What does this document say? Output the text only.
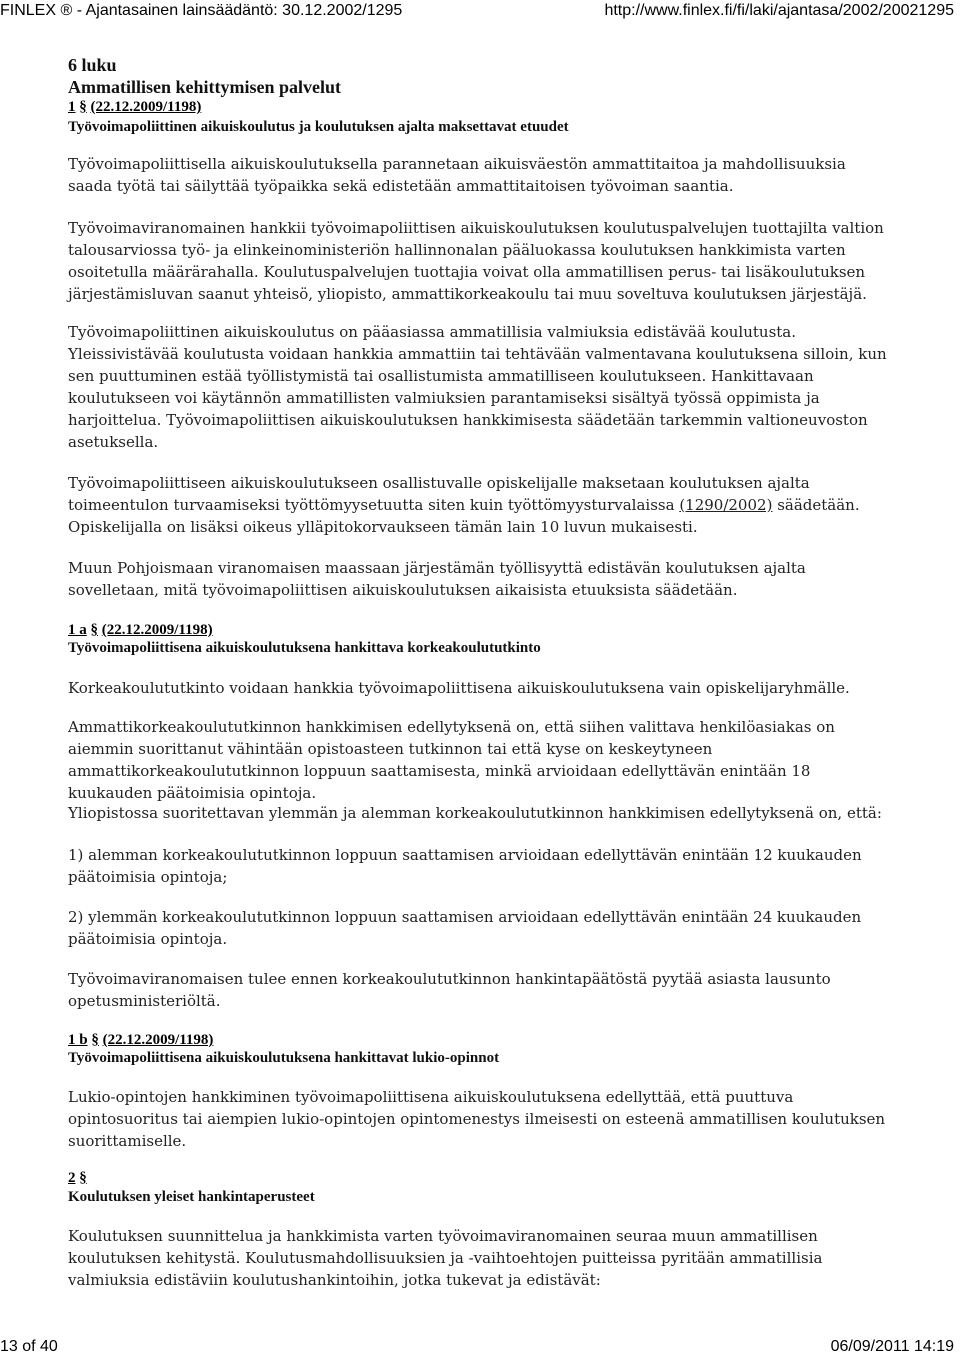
FINLEX ® - Ajantasainen lainsäädäntö: 30.12.2002/1295	http://www.finlex.fi/fi/laki/ajantasa/2002/20021295
6 luku
Ammatillisen kehittymisen palvelut
1 § (22.12.2009/1198)
Työvoimapoliittinen aikuiskoulutus ja koulutuksen ajalta maksettavat etuudet

Työvoimapoliittisella aikuiskoulutuksella parannetaan aikuisväestön ammattitaitoa ja mahdollisuuksia saada työtä tai säilyttää työpaikka sekä edistetään ammattitaitoisen työvoiman saantia.

Työvoimaviranomainen hankkii työvoimapoliittisen aikuiskoulutuksen koulutuspalvelujen tuottajilta valtion talousarviossa työ- ja elinkeinoministeriön hallinnonalan pääluokassa koulutuksen hankkimista varten osoitetulla määrärahalla. Koulutuspalvelujen tuottajia voivat olla ammatillisen perus- tai lisäkoulutuksen järjestämisluvan saanut yhteisö, yliopisto, ammattikorkeakoulu tai muu soveltuva koulutuksen järjestäjä.

Työvoimapoliittinen aikuiskoulutus on pääasiassa ammatillisia valmiuksia edistävää koulutusta. Yleissivistävää koulutusta voidaan hankkia ammattiin tai tehtävään valmentavana koulutuksena silloin, kun sen puuttuminen estää työllistymistä tai osallistumista ammatilliseen koulutukseen. Hankittavaan koulutukseen voi käytännön ammatillisten valmiuksien parantamiseksi sisältyä työssä oppimista ja harjoittelua. Työvoimapoliittisen aikuiskoulutuksen hankkimisesta säädetään tarkemmin valtioneuvoston asetuksella.

Työvoimapoliittiseen aikuiskoulutukseen osallistuvalle opiskelijalle maksetaan koulutuksen ajalta toimeentulon turvaamiseksi työttömyysetuutta siten kuin työttömyysturvalaissa (1290/2002) säädetään. Opiskelijalla on lisäksi oikeus ylläpitokorvaukseen tämän lain 10 luvun mukaisesti.

Muun Pohjoismaan viranomaisen maassaan järjestämän työllisyyttä edistävän koulutuksen ajalta sovelletaan, mitä työvoimapoliittisen aikuiskoulutuksen aikaisista etuuksista säädetään.

1 a § (22.12.2009/1198)
Työvoimapoliittisena aikuiskoulutuksena hankittava korkeakoulututkinto

Korkeakoulututkinto voidaan hankkia työvoimapoliittisena aikuiskoulutuksena vain opiskelijaryhmälle.

Ammattikorkeakoulututkinnon hankkimisen edellytyksenä on, että siihen valittava henkilöasiakas on aiemmin suorittanut vähintään opistoasteen tutkinnon tai että kyse on keskeytyneen ammattikorkeakoulututkinnon loppuun saattamisesta, minkä arvioidaan edellyttävän enintään 18 kuukauden päätoimisia opintoja.

Yliopistossa suoritettavan ylemmän ja alemman korkeakoulututkinnon hankkimisen edellytyksenä on, että:

1) alemman korkeakoulututkinnon loppuun saattamisen arvioidaan edellyttävän enintään 12 kuukauden päätoimisia opintoja;

2) ylemmän korkeakoulututkinnon loppuun saattamisen arvioidaan edellyttävän enintään 24 kuukauden päätoimisia opintoja.

Työvoimaviranomaisen tulee ennen korkeakoulututkinnon hankintapäätöstä pyytää asiasta lausunto opetusministeriöltä.

1 b § (22.12.2009/1198)
Työvoimapoliittisena aikuiskoulutuksena hankittavat lukio-opinnot

Lukio-opintojen hankkiminen työvoimapoliittisena aikuiskoulutuksena edellyttää, että puuttuva opintosuoritus tai aiempien lukio-opintojen opintomenestys ilmeisesti on esteenä ammatillisen koulutuksen suorittamiselle.

2 §
Koulutuksen yleiset hankintaperusteet

Koulutuksen suunnittelua ja hankkimista varten työvoimaviranomainen seuraa muun ammatillisen koulutuksen kehitystä. Koulutusmahdollisuuksien ja -vaihtoehtojen puitteissa pyritään ammatillisia valmiuksia edistäviin koulutushankintoihin, jotka tukevat ja edistävät:

13 of 40	06/09/2011 14:19
